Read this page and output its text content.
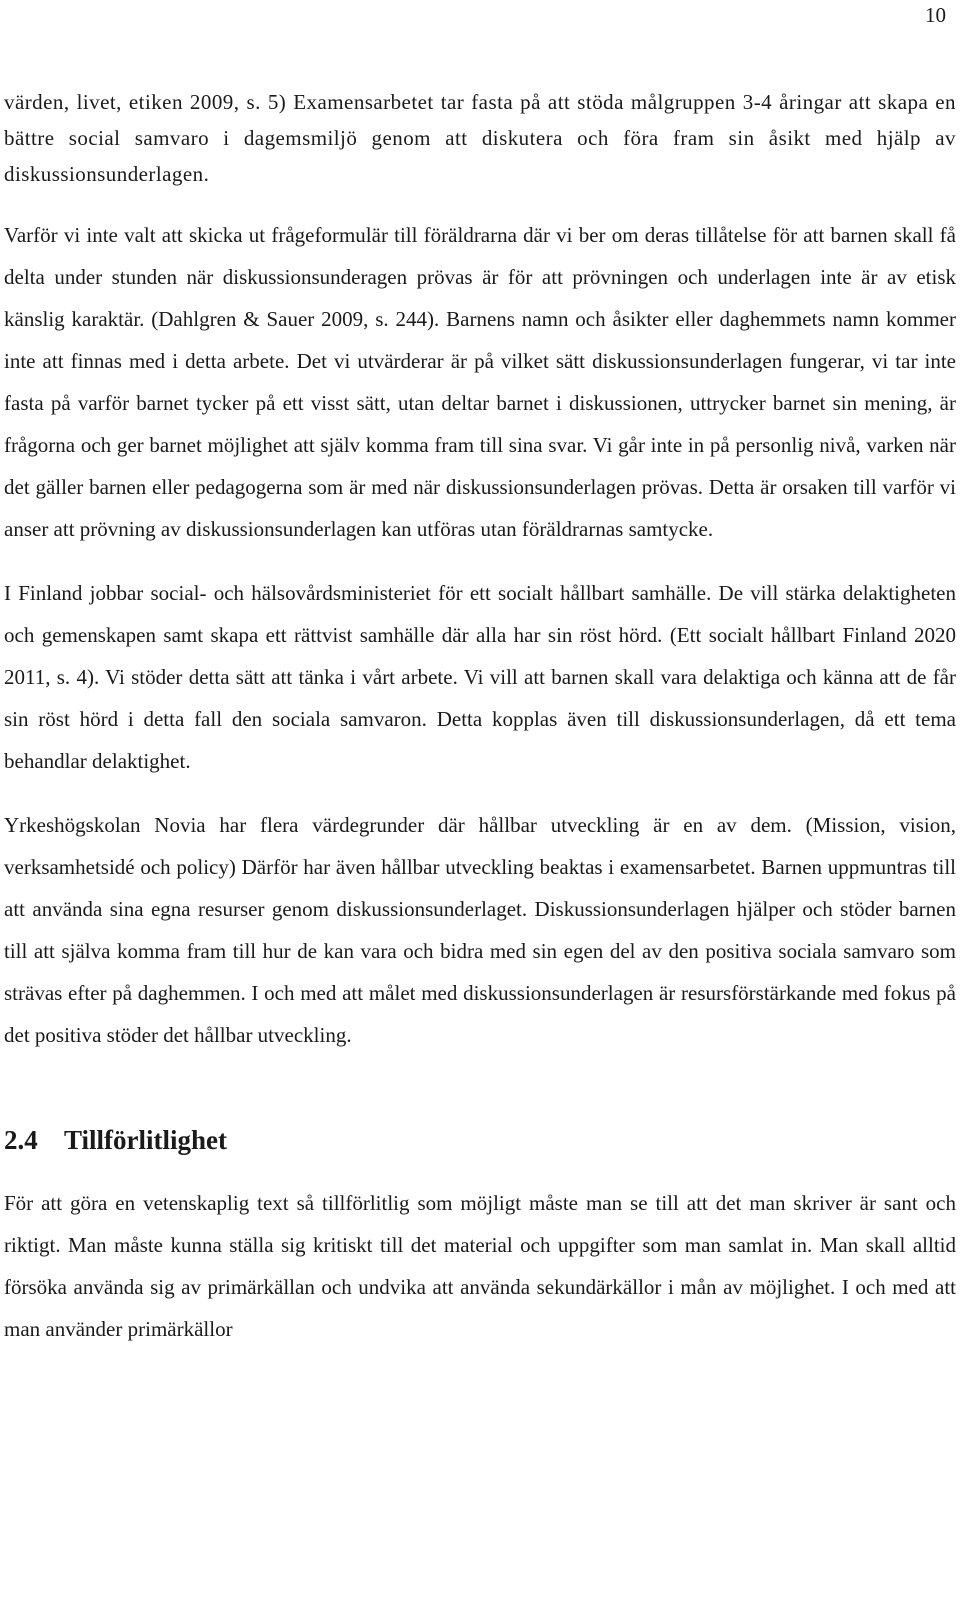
10

värden, livet, etiken 2009, s. 5) Examensarbetet tar fasta på att stöda målgruppen 3-4 åringar att skapa en bättre social samvaro i dagemsmiljö genom att diskutera och föra fram sin åsikt med hjälp av diskussionsunderlagen.

Varför vi inte valt att skicka ut frågeformulär till föräldrarna där vi ber om deras tillåtelse för att barnen skall få delta under stunden när diskussionsunderagen prövas är för att prövningen och underlagen inte är av etisk känslig karaktär. (Dahlgren & Sauer 2009, s. 244). Barnens namn och åsikter eller daghemmets namn kommer inte att finnas med i detta arbete. Det vi utvärderar är på vilket sätt diskussionsunderlagen fungerar, vi tar inte fasta på varför barnet tycker på ett visst sätt, utan deltar barnet i diskussionen, uttrycker barnet sin mening, är frågorna och ger barnet möjlighet att själv komma fram till sina svar. Vi går inte in på personlig nivå, varken när det gäller barnen eller pedagogerna som är med när diskussionsunderlagen prövas. Detta är orsaken till varför vi anser att prövning av diskussionsunderlagen kan utföras utan föräldrarnas samtycke.

I Finland jobbar social- och hälsovårdsministeriet för ett socialt hållbart samhälle. De vill stärka delaktigheten och gemenskapen samt skapa ett rättvist samhälle där alla har sin röst hörd. (Ett socialt hållbart Finland 2020 2011, s. 4). Vi stöder detta sätt att tänka i vårt arbete. Vi vill att barnen skall vara delaktiga och känna att de får sin röst hörd i detta fall den sociala samvaron. Detta kopplas även till diskussionsunderlagen, då ett tema behandlar delaktighet.

Yrkeshögskolan Novia har flera värdegrunder där hållbar utveckling är en av dem. (Mission, vision, verksamhetsidé och policy) Därför har även hållbar utveckling beaktas i examensarbetet. Barnen uppmuntras till att använda sina egna resurser genom diskussionsunderlaget. Diskussionsunderlagen hjälper och stöder barnen till att själva komma fram till hur de kan vara och bidra med sin egen del av den positiva sociala samvaro som strävas efter på daghemmen. I och med att målet med diskussionsunderlagen är resursförstärkande med fokus på det positiva stöder det hållbar utveckling.

2.4 Tillförlitlighet

För att göra en vetenskaplig text så tillförlitlig som möjligt måste man se till att det man skriver är sant och riktigt. Man måste kunna ställa sig kritiskt till det material och uppgifter som man samlat in. Man skall alltid försöka använda sig av primärkällan och undvika att använda sekundärkällor i mån av möjlighet. I och med att man använder primärkällor
